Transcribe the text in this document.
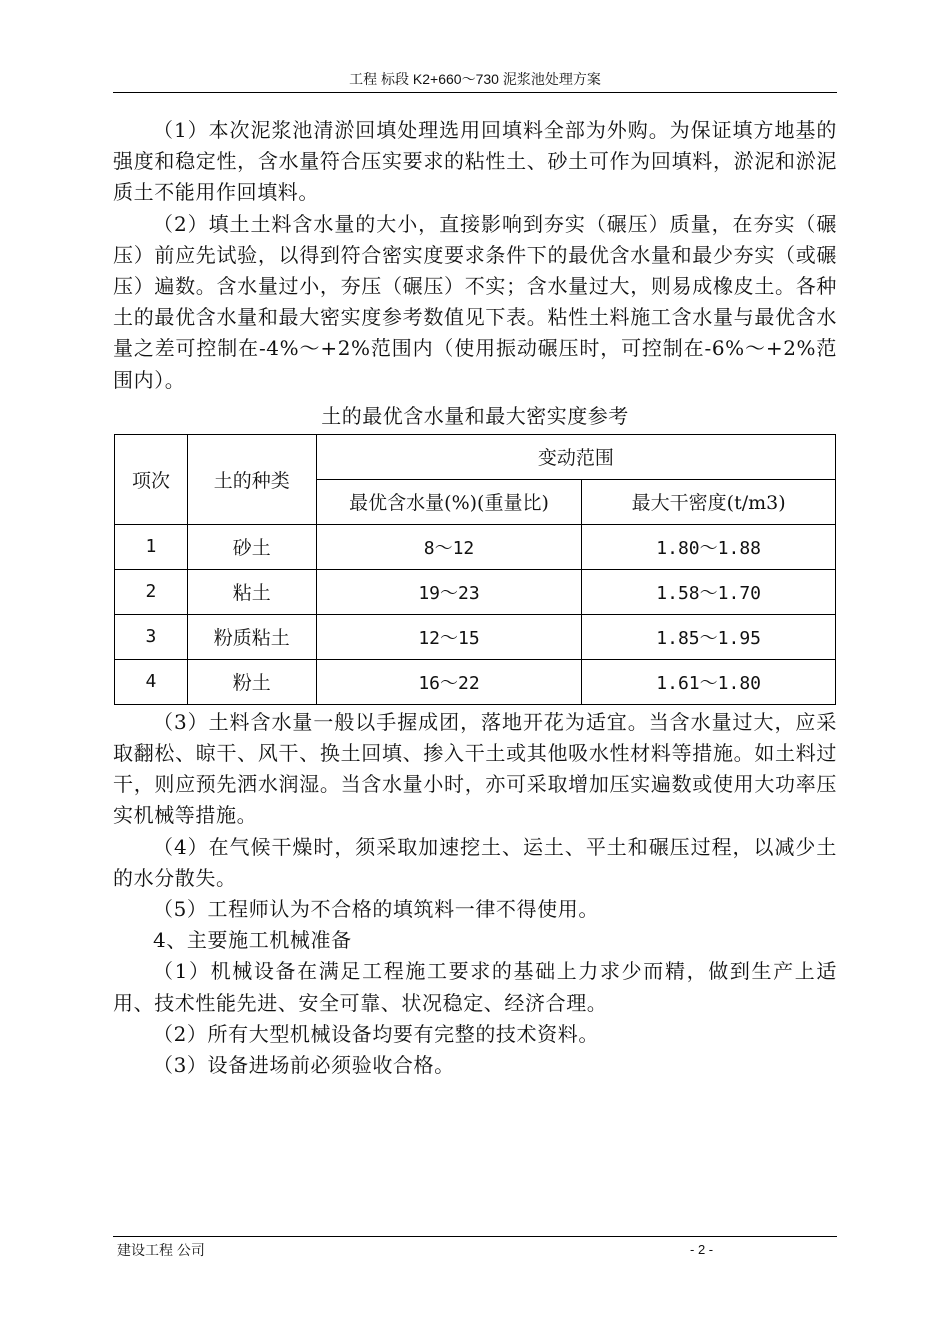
工程 标段 K2+660～730 泥浆池处理方案

（1）本次泥浆池清淤回填处理选用回填料全部为外购。为保证填方地基的强度和稳定性，含水量符合压实要求的粘性土、砂土可作为回填料，淤泥和淤泥质土不能用作回填料。

（2）填土土料含水量的大小，直接影响到夯实（碾压）质量，在夯实（碾压）前应先试验，以得到符合密实度要求条件下的最优含水量和最少夯实（或碾压）遍数。含水量过小，夯压（碾压）不实；含水量过大，则易成橡皮土。各种土的最优含水量和最大密实度参考数值见下表。粘性土料施工含水量与最优含水量之差可控制在-4%～+2%范围内（使用振动碾压时，可控制在-6%～+2%范围内）。

土的最优含水量和最大密实度参考
项次	土的种类	变动范围	
		最优含水量(%)(重量比)	最大干密度(t/m3)
1	砂土	8～12	1.80～1.88
2	粘土	19～23	1.58～1.70
3	粉质粘土	12～15	1.85～1.95
4	粉土	16～22	1.61～1.80

（3）土料含水量一般以手握成团，落地开花为适宜。当含水量过大，应采取翻松、晾干、风干、换土回填、掺入干土或其他吸水性材料等措施。如土料过干，则应预先洒水润湿。当含水量小时，亦可采取增加压实遍数或使用大功率压实机械等措施。

（4）在气候干燥时，须采取加速挖土、运土、平土和碾压过程，以减少土的水分散失。

（5）工程师认为不合格的填筑料一律不得使用。

4、主要施工机械准备

（1）机械设备在满足工程施工要求的基础上力求少而精，做到生产上适用、技术性能先进、安全可靠、状况稳定、经济合理。

（2）所有大型机械设备均要有完整的技术资料。

（3）设备进场前必须验收合格。

建设工程 公司	- 2 -
